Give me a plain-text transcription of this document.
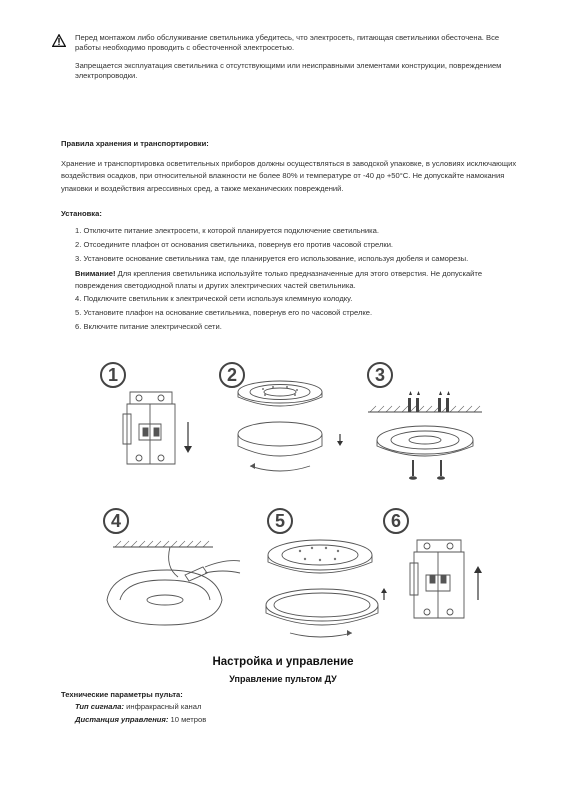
Перед монтажом либо обслуживание светильника убедитесь, что электросеть, питающая светильники обесточена. Все работы необходимо проводить с обесточенной электросетью.
Запрещается эксплуатация светильника с отсутствующими или неисправными элементами конструкции, повреждением электропроводки.
Правила хранения и транспортировки:
Хранение и транспортировка осветительных приборов должны осуществляться в заводской упаковке, в условиях исключающих воздействия осадков, при относительной влажности не более 80% и температуре от -40 до +50°С. Не допускайте намокания упаковки и воздействия агрессивных сред, а также механических повреждений.
Установка:
1. Отключите питание электросети, к которой планируется подключение светильника.
2. Отсоедините плафон от основания светильника, повернув его против часовой стрелки.
3. Установите основание светильника там, где планируется его использование, используя дюбеля и саморезы.
Внимание! Для крепления светильника используйте только предназначенные для этого отверстия. Не допускайте повреждения светодиодной платы и других электрических частей светильника.
4. Подключите светильник к электрической сети используя клеммную колодку.
5. Установите плафон на основание светильника, повернув его по часовой стрелке.
6. Включите питание электрической сети.
1	2	3
4	5	6
Настройка и управление
Управление пультом ДУ
Технические параметры пульта:
Тип сигнала: инфракрасный канал
Дистанция управления: 10 метров
